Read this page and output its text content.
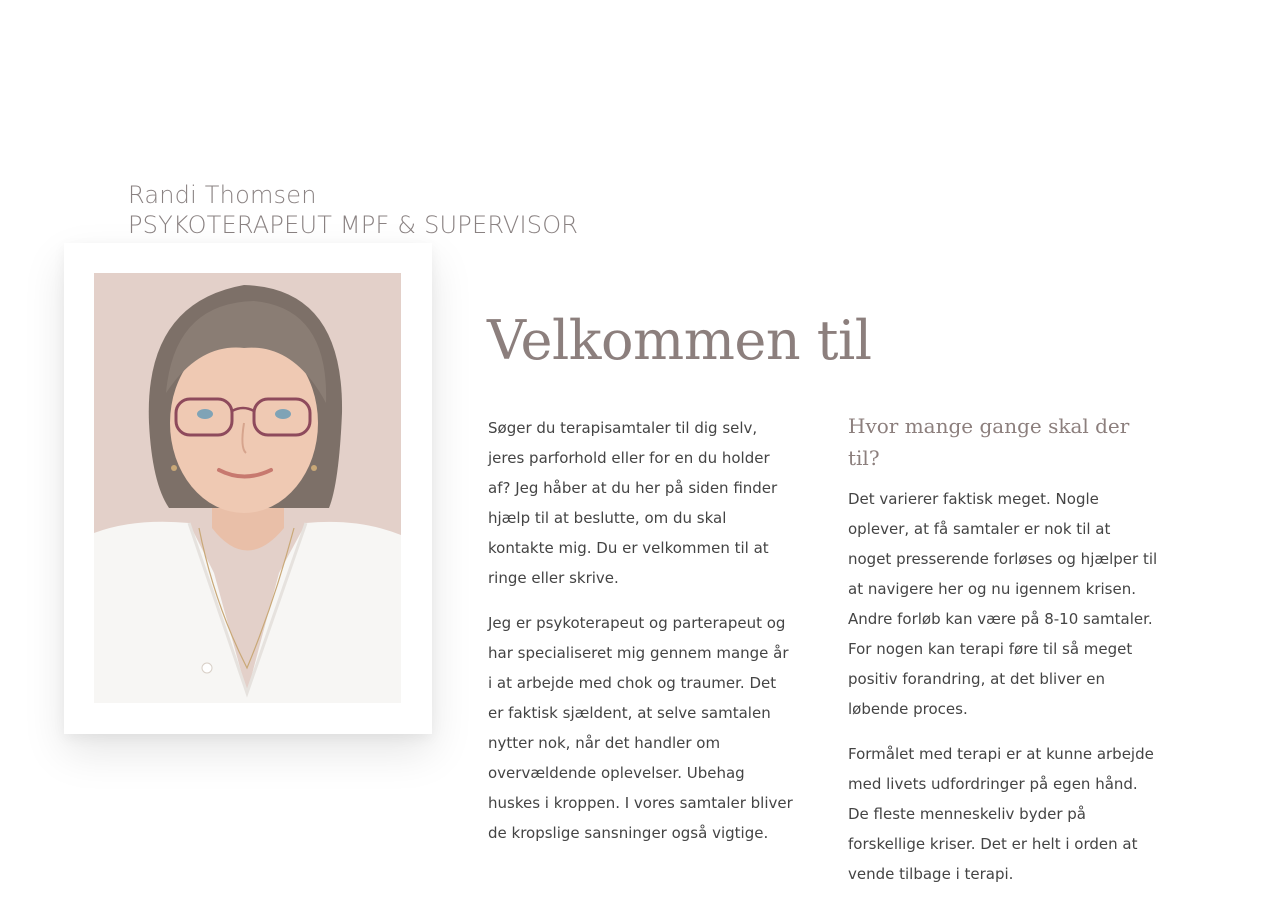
Randi Thomsen
PSYKOTERAPEUT MPF & SUPERVISOR
Velkommen til

Søger du terapisamtaler til dig selv, jeres parforhold eller for en du holder af? Jeg håber at du her på siden finder hjælp til at beslutte, om du skal kontakte mig. Du er velkommen til at ringe eller skrive.

Jeg er psykoterapeut og parterapeut og har specialiseret mig gennem mange år i at arbejde med chok og traumer. Det er faktisk sjældent, at selve samtalen nytter nok, når det handler om overvældende oplevelser. Ubehag huskes i kroppen. I vores samtaler bliver de kropslige sansninger også vigtige.

Hvor mange gange skal der til?

Det varierer faktisk meget. Nogle oplever, at få samtaler er nok til at noget presserende forløses og hjælper til at navigere her og nu igennem krisen. Andre forløb kan være på 8-10 samtaler. For nogen kan terapi føre til så meget positiv forandring, at det bliver en løbende proces.

Formålet med terapi er at kunne arbejde med livets udfordringer på egen hånd. De fleste menneskeliv byder på forskellige kriser. Det er helt i orden at vende tilbage i terapi.
